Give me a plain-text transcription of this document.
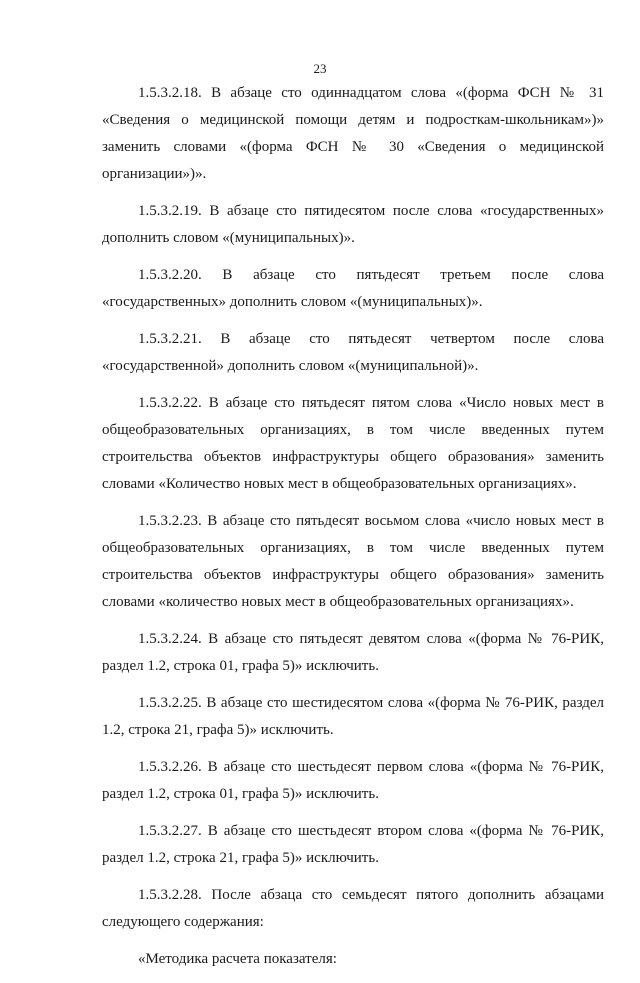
23

1.5.3.2.18. В абзаце сто одиннадцатом слова «(форма ФСН № 31 «Сведения о медицинской помощи детям и подросткам-школьникам»)» заменить словами «(форма ФСН № 30 «Сведения о медицинской организации»)».

1.5.3.2.19. В абзаце сто пятидесятом после слова «государственных» дополнить словом «(муниципальных)».

1.5.3.2.20. В абзаце сто пятьдесят третьем после слова «государственных» дополнить словом «(муниципальных)».

1.5.3.2.21. В абзаце сто пятьдесят четвертом после слова «государственной» дополнить словом «(муниципальной)».

1.5.3.2.22. В абзаце сто пятьдесят пятом слова «Число новых мест в общеобразовательных организациях, в том числе введенных путем строительства объектов инфраструктуры общего образования» заменить словами «Количество новых мест в общеобразовательных организациях».

1.5.3.2.23. В абзаце сто пятьдесят восьмом слова «число новых мест в общеобразовательных организациях, в том числе введенных путем строительства объектов инфраструктуры общего образования» заменить словами «количество новых мест в общеобразовательных организациях».

1.5.3.2.24. В абзаце сто пятьдесят девятом слова «(форма № 76-РИК, раздел 1.2, строка 01, графа 5)» исключить.

1.5.3.2.25. В абзаце сто шестидесятом слова «(форма № 76-РИК, раздел 1.2, строка 21, графа 5)» исключить.

1.5.3.2.26. В абзаце сто шестьдесят первом слова «(форма № 76-РИК, раздел 1.2, строка 01, графа 5)» исключить.

1.5.3.2.27. В абзаце сто шестьдесят втором слова «(форма № 76-РИК, раздел 1.2, строка 21, графа 5)» исключить.

1.5.3.2.28. После абзаца сто семьдесят пятого дополнить абзацами следующего содержания:

«Методика расчета показателя:
